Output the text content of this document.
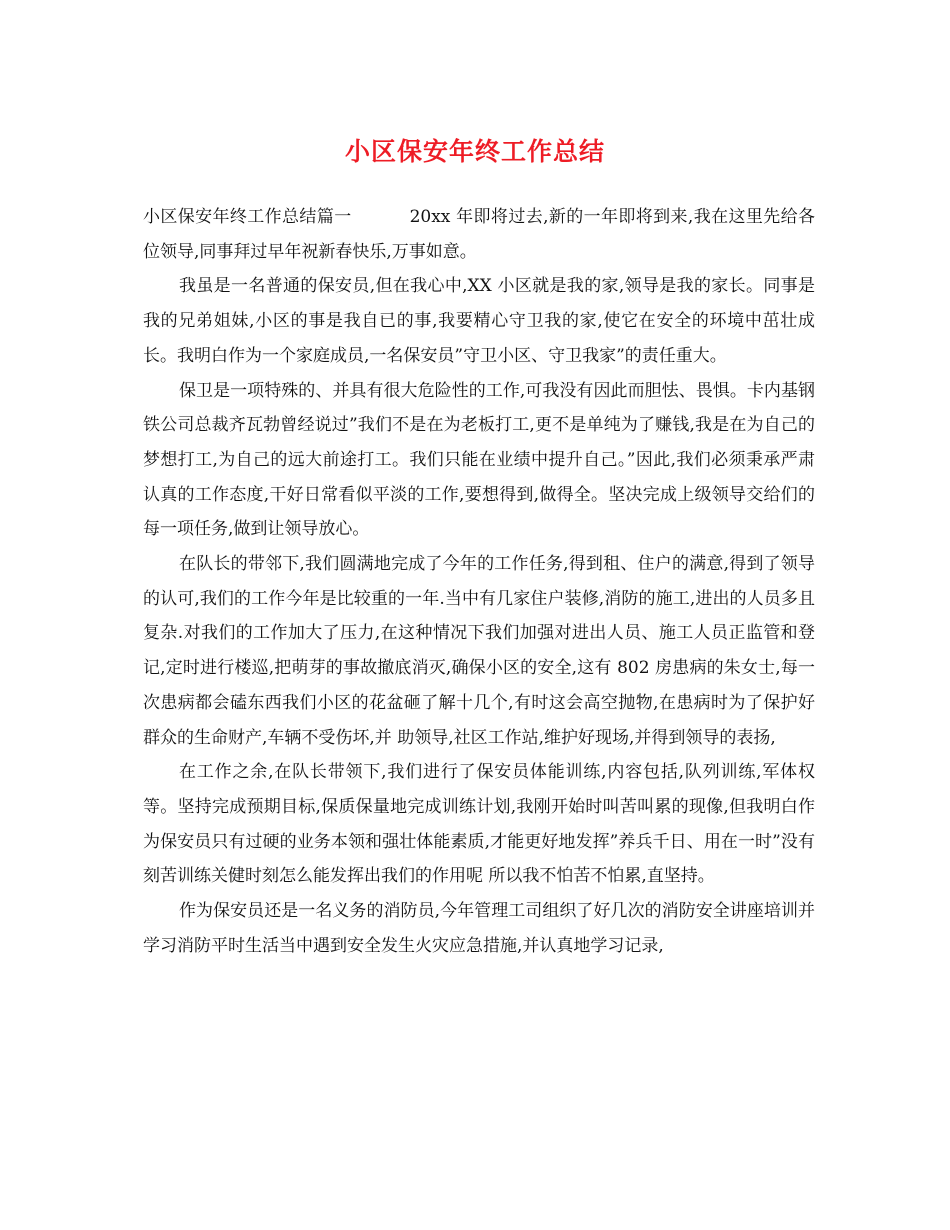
小区保安年终工作总结

小区保安年终工作总结篇一	20xx 年即将过去,新的一年即将到来,我在这里先给各位领导,同事拜过早年祝新春快乐,万事如意。

我虽是一名普通的保安员,但在我心中,XX 小区就是我的家,领导是我的家长。同事是我的兄弟姐妹,小区的事是我自已的事,我要精心守卫我的家,使它在安全的环境中茁壮成长。我明白作为一个家庭成员,一名保安员”守卫小区、守卫我家”的责任重大。

保卫是一项特殊的、并具有很大危险性的工作,可我没有因此而胆怯、畏惧。卡内基钢铁公司总裁齐瓦勃曾经说过”我们不是在为老板打工,更不是单纯为了赚钱,我是在为自己的梦想打工,为自己的远大前途打工。我们只能在业绩中提升自己。”因此,我们必须秉承严肃认真的工作态度,干好日常看似平淡的工作,要想得到,做得全。坚决完成上级领导交给们的每一项任务,做到让领导放心。

在队长的带邻下,我们圆满地完成了今年的工作任务,得到租、住户的满意,得到了领导的认可,我们的工作今年是比较重的一年.当中有几家住户装修,消防的施工,进出的人员多且复杂.对我们的工作加大了压力,在这种情况下我们加强对进出人员、施工人员正监管和登记,定时进行楼巡,把萌芽的事故撤底消灭,确保小区的安全,这有 802 房患病的朱女士,每一次患病都会磕东西我们小区的花盆砸了解十几个,有时这会高空抛物,在患病时为了保护好群众的生命财产,车辆不受伤坏,并 助领导,社区工作站,维护好现场,并得到领导的表扬,

在工作之余,在队长带领下,我们进行了保安员体能训练,内容包括,队列训练,军体权等。坚持完成预期目标,保质保量地完成训练计划,我刚开始时叫苦叫累的现像,但我明白作为保安员只有过硬的业务本领和强壮体能素质,才能更好地发挥”养兵千日、用在一时”没有刻苦训练关健时刻怎么能发挥出我们的作用呢 所以我不怕苦不怕累,直坚持。

作为保安员还是一名义务的消防员,今年管理工司组织了好几次的消防安全讲座培训并学习消防平时生活当中遇到安全发生火灾应急措施,并认真地学习记录,
